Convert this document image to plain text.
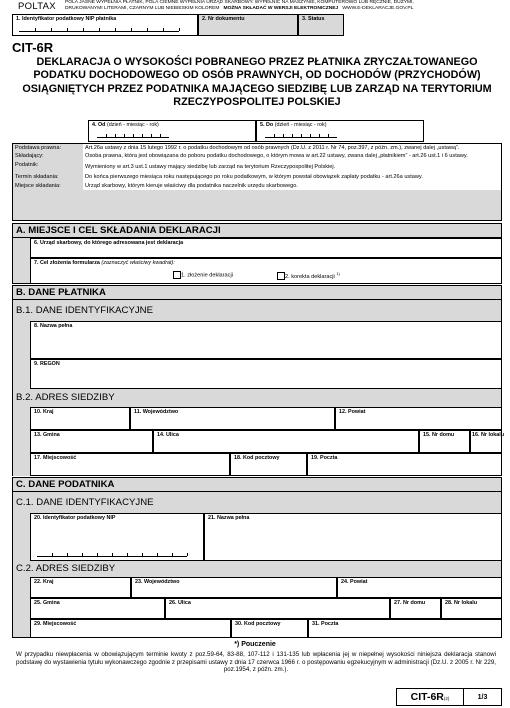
POLTAX POLA JASNE WYPEŁNIA PŁATNIK, POLA CIEMNE WYPEŁNIA URZĄD SKARBOWY. WYPEŁNIĆ NA MASZYNIE, KOMPUTEROWO LUB RĘCZNIE, DUŻYMI,
DRUKOWANYMI LITERAMI, CZARNYM LUB NIEBIESKIM KOLOREM MOŻNA SKŁADAĆ W WERSJI ELEKTRONICZNEJ WWW.E-DEKLARACJE.GOV.PL
1. Identyfikator podatkowy NIP płatnika	2. Nr dokumentu	3. Status
CIT-6R
DEKLARACJA O WYSOKOŚCI POBRANEGO PRZEZ PŁATNIKA ZRYCZAŁTOWANEGO PODATKU DOCHODOWEGO OD OSÓB PRAWNYCH, OD DOCHODÓW (PRZYCHODÓW) OSIĄGNIĘTYCH PRZEZ PODATNIKA MAJĄCEGO SIEDZIBĘ LUB ZARZĄD NA TERYTORIUM RZECZYPOSPOLITEJ POLSKIEJ
4. Od (dzień - miesiąc - rok)	5. Do (dzień - miesiąc - rok)
Podstawa prawna:	Art.26a ustawy z dnia 15 lutego 1992 r. o podatku dochodowym od osób prawnych (Dz.U. z 2011 r. Nr 74, poz.397, z późn. zm.), zwanej dalej „ustawą”.
Składający:	Osoba prawna, która jest obowiązana do poboru podatku dochodowego, o którym mowa w art.22 ustawy, zwana dalej „płatnikiem” - art.26 ust.1 i 6 ustawy.
Podatnik:	Wymieniony w art.3 ust.1 ustawy mający siedzibę lub zarząd na terytorium Rzeczypospolitej Polskiej.
Termin składania:	Do końca pierwszego miesiąca roku następującego po roku podatkowym, w którym powstał obowiązek zapłaty podatku - art.26a ustawy.
Miejsce składania:	Urząd skarbowy, którym kieruje właściwy dla podatnika naczelnik urzędu skarbowego.
A. MIEJSCE I CEL SKŁADANIA DEKLARACJI
6. Urząd skarbowy, do którego adresowana jest deklaracja
7. Cel złożenia formularza (zaznaczyć właściwy kwadrat):
1. złożenie deklaracji	2. korekta deklaracji $^{1)}$
B. DANE PŁATNIKA
B.1. DANE IDENTYFIKACYJNE
8. Nazwa pełna
9. REGON
B.2. ADRES SIEDZIBY
10. Kraj	11. Województwo	12. Powiat
13. Gmina	14. Ulica	15. Nr domu	16. Nr lokalu
17. Miejscowość	18. Kod pocztowy	19. Poczta
C. DANE PODATNIKA
C.1. DANE IDENTYFIKACYJNE
20. Identyfikator podatkowy NIP	21. Nazwa pełna
C.2. ADRES SIEDZIBY
22. Kraj	23. Województwo	24. Powiat
25. Gmina	26. Ulica	27. Nr domu	28. Nr lokalu
29. Miejscowość	30. Kod pocztowy	31. Poczta
*) Pouczenie
W przypadku niewpłacenia w obowiązującym terminie kwoty z poz.59-64, 83-88, 107-112 i 131-135 lub wpłacenia jej w niepełnej wysokości niniejsza deklaracja stanowi podstawę do wystawienia tytułu wykonawczego zgodnie z przepisami ustawy z dnia 17 czerwca 1966 r. o postępowaniu egzekucyjnym w administracji (Dz.U. z 2005 r. Nr 229, poz.1954, z późn. zm.).
CIT-6R(2)	1/3
